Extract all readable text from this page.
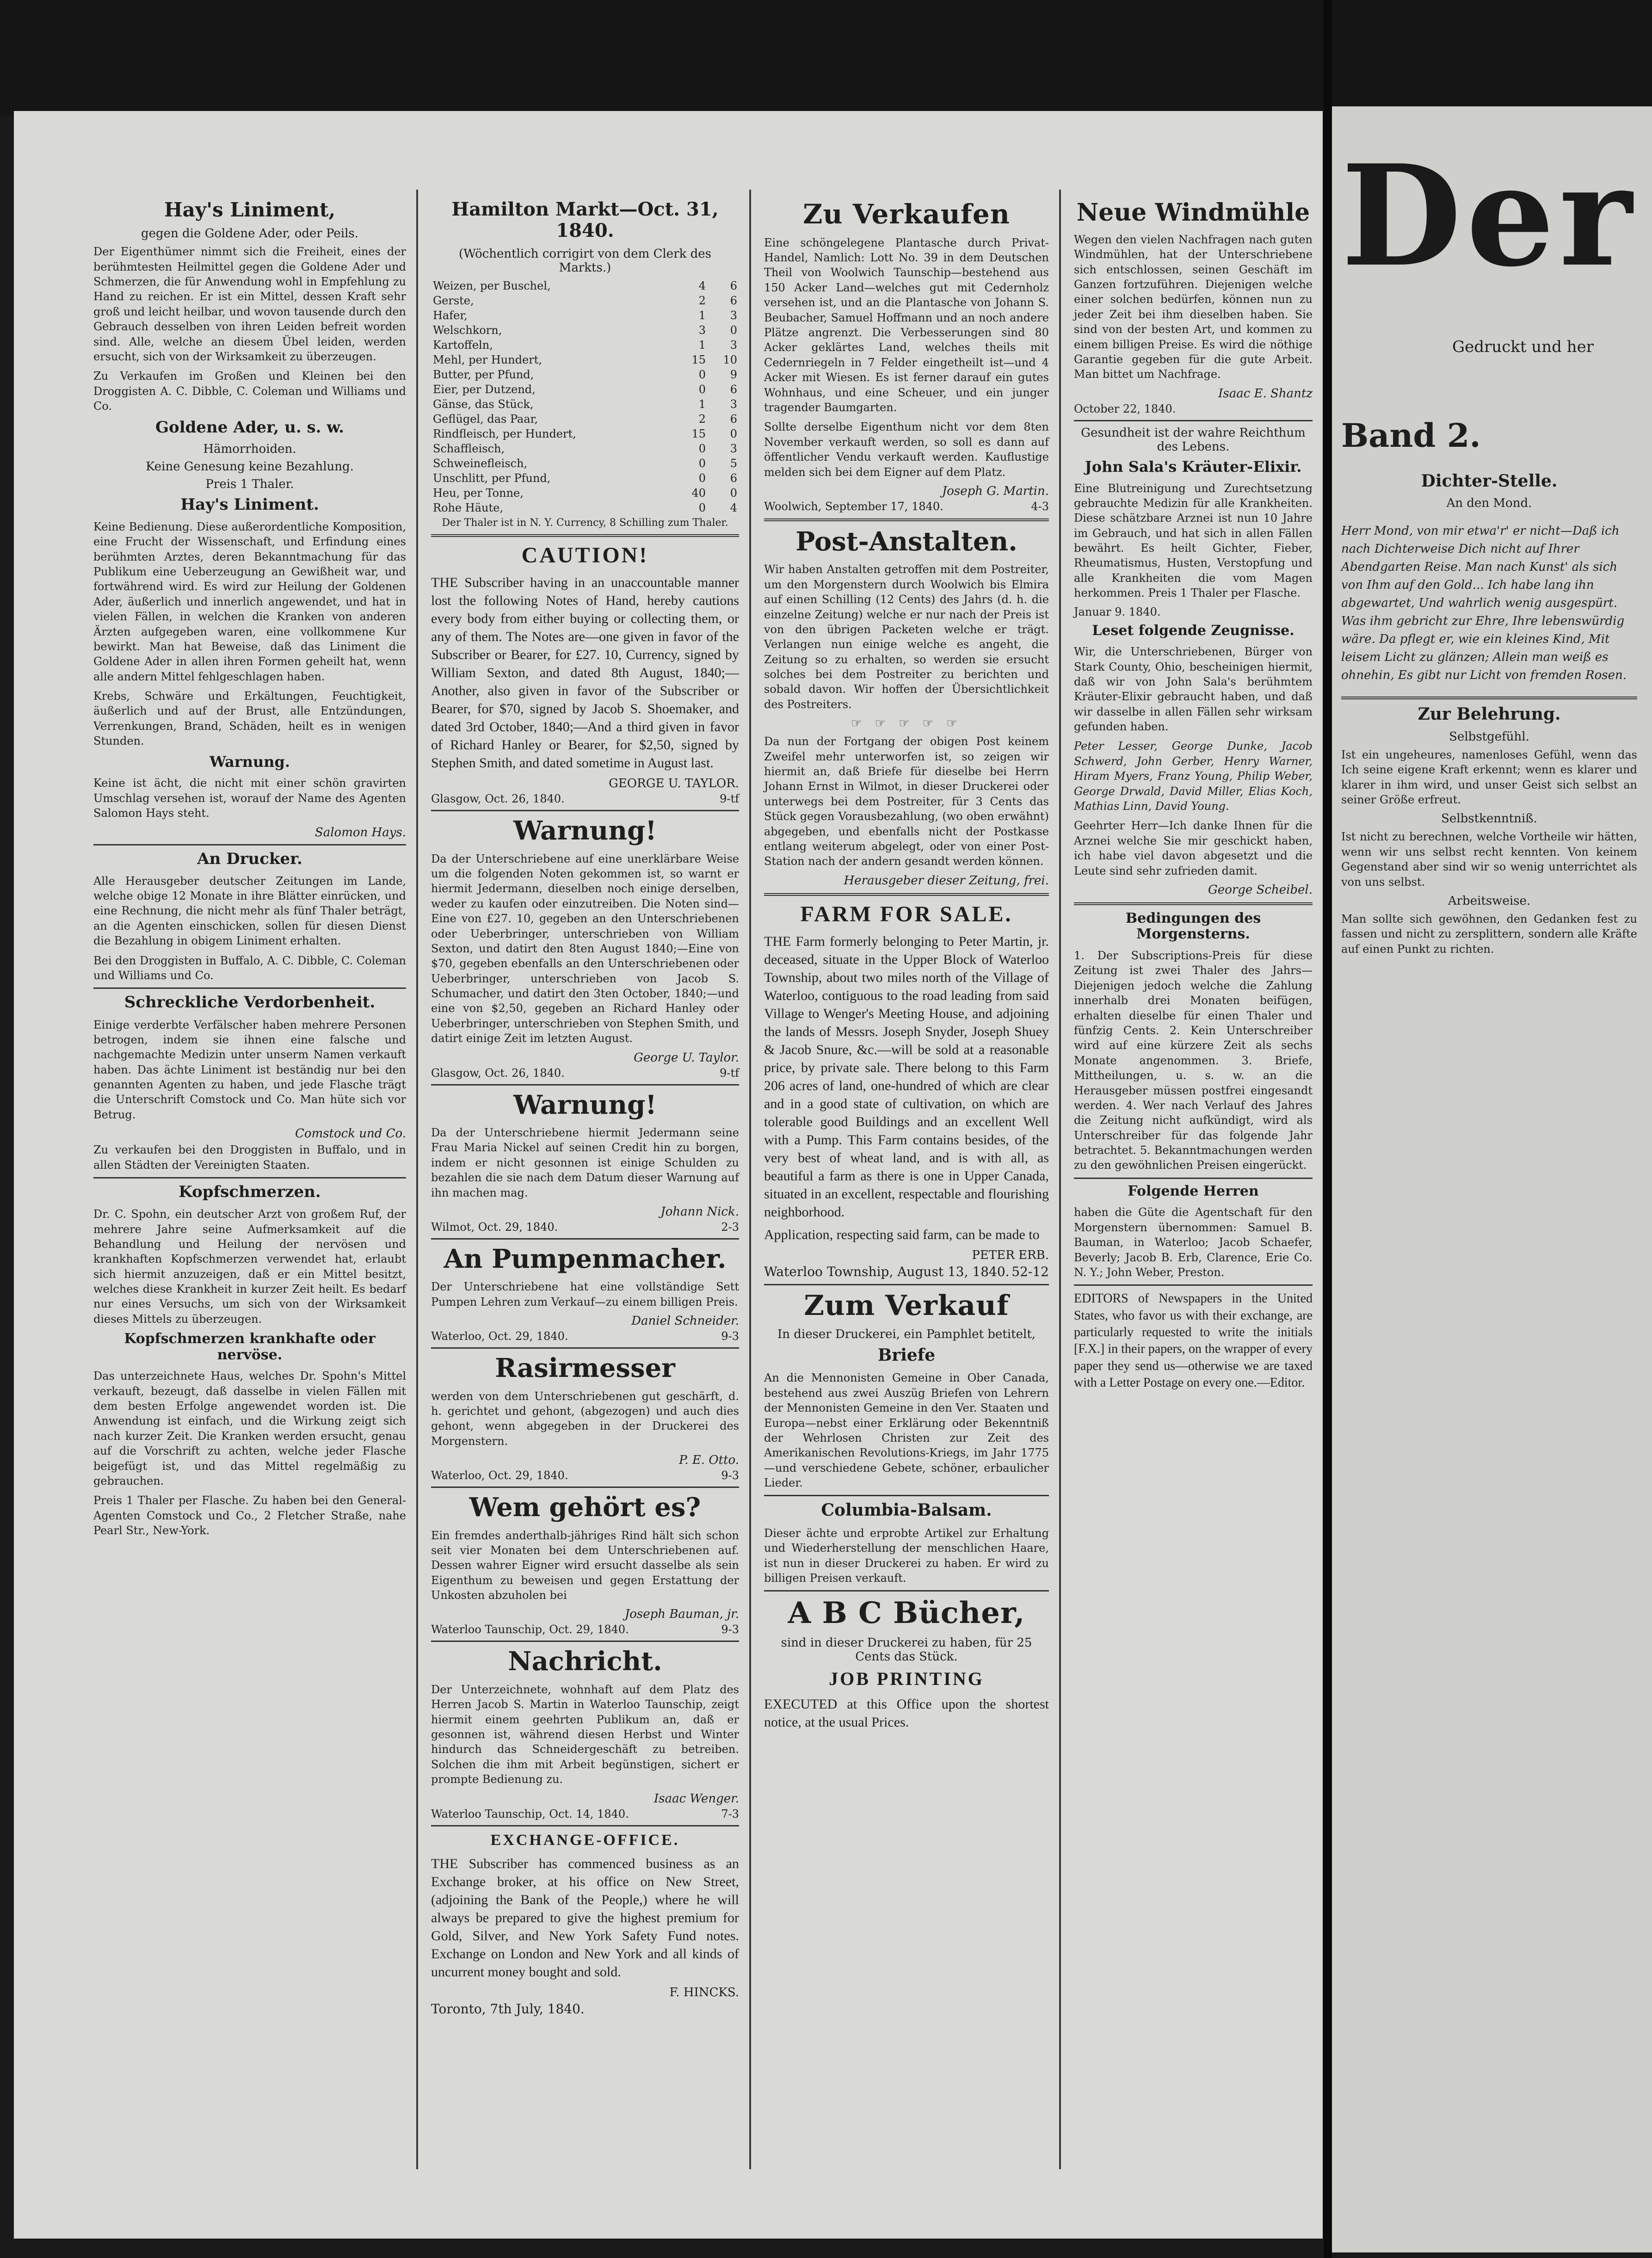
Hay's Liniment,
gegen die Goldene Ader, oder Peils.

Der Eigenthümer nimmt sich die Freiheit, eines der berühmtesten Heilmittel gegen die Goldene Ader und Schmerzen, die für Anwendung wohl in Empfehlung zu Hand zu reichen. Er ist ein Mittel, dessen Kraft sehr groß und leicht heilbar, und wovon tausende durch den Gebrauch desselben von ihren Leiden befreit worden sind. Alle, welche an diesem Übel leiden, werden ersucht, sich von der Wirksamkeit zu überzeugen.

Zu Verkaufen im Großen und Kleinen bei den Droggisten A. C. Dibble, C. Coleman und Williams und Co.

Goldene Ader, u. s. w.
Hämorrhoiden.
Keine Genesung keine Bezahlung.
Preis 1 Thaler.
Hay's Liniment.

Keine Bedienung. Diese außerordentliche Komposition, eine Frucht der Wissenschaft, und Erfindung eines berühmten Arztes, deren Bekanntmachung für das Publikum eine Ueberzeugung an Gewißheit war, und fortwährend wird. Es wird zur Heilung der Goldenen Ader, äußerlich und innerlich angewendet, und hat in vielen Fällen, in welchen die Kranken von anderen Ärzten aufgegeben waren, eine vollkommene Kur bewirkt. Man hat Beweise, daß das Liniment die Goldene Ader in allen ihren Formen geheilt hat, wenn alle andern Mittel fehlgeschlagen haben.

Krebs, Schwäre und Erkältungen, Feuchtigkeit, äußerlich und auf der Brust, alle Entzündungen, Verrenkungen, Brand, Schäden, heilt es in wenigen Stunden.

Warnung.

Keine ist ächt, die nicht mit einer schön gravirten Umschlag versehen ist, worauf der Name des Agenten Salomon Hays steht.

Salomon Hays.
An Drucker.

Alle Herausgeber deutscher Zeitungen im Lande, welche obige 12 Monate in ihre Blätter einrücken, und eine Rechnung, die nicht mehr als fünf Thaler beträgt, an die Agenten einschicken, sollen für diesen Dienst die Bezahlung in obigem Liniment erhalten.

Bei den Droggisten in Buffalo, A. C. Dibble, C. Coleman und Williams und Co.

Schreckliche Verdorbenheit.

Einige verderbte Verfälscher haben mehrere Personen betrogen, indem sie ihnen eine falsche und nachgemachte Medizin unter unserm Namen verkauft haben. Das ächte Liniment ist beständig nur bei den genannten Agenten zu haben, und jede Flasche trägt die Unterschrift Comstock und Co. Man hüte sich vor Betrug.

Comstock und Co.

Zu verkaufen bei den Droggisten in Buffalo, und in allen Städten der Vereinigten Staaten.

Kopfschmerzen.

Dr. C. Spohn, ein deutscher Arzt von großem Ruf, der mehrere Jahre seine Aufmerksamkeit auf die Behandlung und Heilung der nervösen und krankhaften Kopfschmerzen verwendet hat, erlaubt sich hiermit anzuzeigen, daß er ein Mittel besitzt, welches diese Krankheit in kurzer Zeit heilt. Es bedarf nur eines Versuchs, um sich von der Wirksamkeit dieses Mittels zu überzeugen.

Kopfschmerzen krankhafte oder nervöse.

Das unterzeichnete Haus, welches Dr. Spohn's Mittel verkauft, bezeugt, daß dasselbe in vielen Fällen mit dem besten Erfolge angewendet worden ist. Die Anwendung ist einfach, und die Wirkung zeigt sich nach kurzer Zeit. Die Kranken werden ersucht, genau auf die Vorschrift zu achten, welche jeder Flasche beigefügt ist, und das Mittel regelmäßig zu gebrauchen.

Preis 1 Thaler per Flasche. Zu haben bei den General-Agenten Comstock und Co., 2 Fletcher Straße, nahe Pearl Str., New-York.

Hamilton Markt—Oct. 31, 1840.
(Wöchentlich corrigirt von dem Clerk des Markts.)
Weizen, per Buschel,	4	6
Gerste,	2	6
Hafer,	1	3
Welschkorn,	3	0
Kartoffeln,	1	3
Mehl, per Hundert,	15	10
Butter, per Pfund,	0	9
Eier, per Dutzend,	0	6
Gänse, das Stück,	1	3
Geflügel, das Paar,	2	6
Rindfleisch, per Hundert,	15	0
Schaffleisch,	0	3
Schweinefleisch,	0	5
Unschlitt, per Pfund,	0	6
Heu, per Tonne,	40	0
Rohe Häute,	0	4
Der Thaler ist in N. Y. Currency, 8 Schilling zum Thaler.
CAUTION!

THE Subscriber having in an unaccountable manner lost the following Notes of Hand, hereby cautions every body from either buying or collecting them, or any of them. The Notes are—one given in favor of the Subscriber or Bearer, for £27. 10, Currency, signed by William Sexton, and dated 8th August, 1840;—Another, also given in favor of the Subscriber or Bearer, for $70, signed by Jacob S. Shoemaker, and dated 3rd October, 1840;—And a third given in favor of Richard Hanley or Bearer, for $2,50, signed by Stephen Smith, and dated sometime in August last.

GEORGE U. TAYLOR.
Glasgow, Oct. 26, 1840.	9-tf
Warnung!

Da der Unterschriebene auf eine unerklärbare Weise um die folgenden Noten gekommen ist, so warnt er hiermit Jedermann, dieselben noch einige derselben, weder zu kaufen oder einzutreiben. Die Noten sind—Eine von £27. 10, gegeben an den Unterschriebenen oder Ueberbringer, unterschrieben von William Sexton, und datirt den 8ten August 1840;—Eine von $70, gegeben ebenfalls an den Unterschriebenen oder Ueberbringer, unterschrieben von Jacob S. Schumacher, und datirt den 3ten October, 1840;—und eine von $2,50, gegeben an Richard Hanley oder Ueberbringer, unterschrieben von Stephen Smith, und datirt einige Zeit im letzten August.

George U. Taylor.
Glasgow, Oct. 26, 1840.	9-tf
Warnung!

Da der Unterschriebene hiermit Jedermann seine Frau Maria Nickel auf seinen Credit hin zu borgen, indem er nicht gesonnen ist einige Schulden zu bezahlen die sie nach dem Datum dieser Warnung auf ihn machen mag.

Johann Nick.
Wilmot, Oct. 29, 1840.	2-3
An Pumpenmacher.

Der Unterschriebene hat eine vollständige Sett Pumpen Lehren zum Verkauf—zu einem billigen Preis.

Daniel Schneider.
Waterloo, Oct. 29, 1840.	9-3
Rasirmesser

werden von dem Unterschriebenen gut geschärft, d. h. gerichtet und gehont, (abgezogen) und auch dies gehont, wenn abgegeben in der Druckerei des Morgenstern.

P. E. Otto.
Waterloo, Oct. 29, 1840.	9-3
Wem gehört es?

Ein fremdes anderthalb-jähriges Rind hält sich schon seit vier Monaten bei dem Unterschriebenen auf. Dessen wahrer Eigner wird ersucht dasselbe als sein Eigenthum zu beweisen und gegen Erstattung der Unkosten abzuholen bei

Joseph Bauman, jr.
Waterloo Taunschip, Oct. 29, 1840.	9-3
Nachricht.

Der Unterzeichnete, wohnhaft auf dem Platz des Herren Jacob S. Martin in Waterloo Taunschip, zeigt hiermit einem geehrten Publikum an, daß er gesonnen ist, während diesen Herbst und Winter hindurch das Schneidergeschäft zu betreiben. Solchen die ihm mit Arbeit begünstigen, sichert er prompte Bedienung zu.

Isaac Wenger.
Waterloo Taunschip, Oct. 14, 1840.	7-3
EXCHANGE-OFFICE.

THE Subscriber has commenced business as an Exchange broker, at his office on New Street, (adjoining the Bank of the People,) where he will always be prepared to give the highest premium for Gold, Silver, and New York Safety Fund notes. Exchange on London and New York and all kinds of uncurrent money bought and sold.

F. HINCKS.
Toronto, 7th July, 1840.
Zu Verkaufen

Eine schöngelegene Plantasche durch Privat-Handel, Namlich: Lott No. 39 in dem Deutschen Theil von Woolwich Taunschip—bestehend aus 150 Acker Land—welches gut mit Cedernholz versehen ist, und an die Plantasche von Johann S. Beubacher, Samuel Hoffmann und an noch andere Plätze angrenzt. Die Verbesserungen sind 80 Acker geklärtes Land, welches theils mit Cedernriegeln in 7 Felder eingetheilt ist—und 4 Acker mit Wiesen. Es ist ferner darauf ein gutes Wohnhaus, und eine Scheuer, und ein junger tragender Baumgarten.

Sollte derselbe Eigenthum nicht vor dem 8ten November verkauft werden, so soll es dann auf öffentlicher Vendu verkauft werden. Kauflustige melden sich bei dem Eigner auf dem Platz.

Joseph G. Martin.
Woolwich, September 17, 1840.	4-3
Post-Anstalten.

Wir haben Anstalten getroffen mit dem Postreiter, um den Morgenstern durch Woolwich bis Elmira auf einen Schilling (12 Cents) des Jahrs (d. h. die einzelne Zeitung) welche er nur nach der Preis ist von den übrigen Packeten welche er trägt. Verlangen nun einige welche es angeht, die Zeitung so zu erhalten, so werden sie ersucht solches bei dem Postreiter zu berichten und sobald davon. Wir hoffen der Übersichtlichkeit des Postreiters.

☞ ☞ ☞ ☞ ☞

Da nun der Fortgang der obigen Post keinem Zweifel mehr unterworfen ist, so zeigen wir hiermit an, daß Briefe für dieselbe bei Herrn Johann Ernst in Wilmot, in dieser Druckerei oder unterwegs bei dem Postreiter, für 3 Cents das Stück gegen Vorausbezahlung, (wo oben erwähnt) abgegeben, und ebenfalls nicht der Postkasse entlang weiterum abgelegt, oder von einer Post-Station nach der andern gesandt werden können.

Herausgeber dieser Zeitung, frei.
FARM FOR SALE.

THE Farm formerly belonging to Peter Martin, jr. deceased, situate in the Upper Block of Waterloo Township, about two miles north of the Village of Waterloo, contiguous to the road leading from said Village to Wenger's Meeting House, and adjoining the lands of Messrs. Joseph Snyder, Joseph Shuey & Jacob Snure, &c.—will be sold at a reasonable price, by private sale. There belong to this Farm 206 acres of land, one-hundred of which are clear and in a good state of cultivation, on which are tolerable good Buildings and an excellent Well with a Pump. This Farm contains besides, of the very best of wheat land, and is with all, as beautiful a farm as there is one in Upper Canada, situated in an excellent, respectable and flourishing neighborhood.

Application, respecting said farm, can be made to

PETER ERB.
Waterloo Township, August 13, 1840. 52-12
Zum Verkauf
In dieser Druckerei, ein Pamphlet betitelt,
Briefe

An die Mennonisten Gemeine in Ober Canada, bestehend aus zwei Auszüg Briefen von Lehrern der Mennonisten Gemeine in den Ver. Staaten und Europa—nebst einer Erklärung oder Bekenntniß der Wehrlosen Christen zur Zeit des Amerikanischen Revolutions-Kriegs, im Jahr 1775—und verschiedene Gebete, schöner, erbaulicher Lieder.

Columbia-Balsam.

Dieser ächte und erprobte Artikel zur Erhaltung und Wiederherstellung der menschlichen Haare, ist nun in dieser Druckerei zu haben. Er wird zu billigen Preisen verkauft.

A B C Bücher,
sind in dieser Druckerei zu haben, für 25 Cents das Stück.
JOB PRINTING

EXECUTED at this Office upon the shortest notice, at the usual Prices.

Neue Windmühle

Wegen den vielen Nachfragen nach guten Windmühlen, hat der Unterschriebene sich entschlossen, seinen Geschäft im Ganzen fortzuführen. Diejenigen welche einer solchen bedürfen, können nun zu jeder Zeit bei ihm dieselben haben. Sie sind von der besten Art, und kommen zu einem billigen Preise. Es wird die nöthige Garantie gegeben für die gute Arbeit. Man bittet um Nachfrage.

Isaac E. Shantz
October 22, 1840.
Gesundheit ist der wahre Reichthum des Lebens.
John Sala's Kräuter-Elixir.

Eine Blutreinigung und Zurechtsetzung gebrauchte Medizin für alle Krankheiten. Diese schätzbare Arznei ist nun 10 Jahre im Gebrauch, und hat sich in allen Fällen bewährt. Es heilt Gichter, Fieber, Rheumatismus, Husten, Verstopfung und alle Krankheiten die vom Magen herkommen. Preis 1 Thaler per Flasche.

Januar 9. 1840.
Leset folgende Zeugnisse.

Wir, die Unterschriebenen, Bürger von Stark County, Ohio, bescheinigen hiermit, daß wir von John Sala's berühmtem Kräuter-Elixir gebraucht haben, und daß wir dasselbe in allen Fällen sehr wirksam gefunden haben.

Peter Lesser, George Dunke, Jacob Schwerd, John Gerber, Henry Warner, Hiram Myers, Franz Young, Philip Weber, George Drwald, David Miller, Elias Koch, Mathias Linn, David Young.

Geehrter Herr—Ich danke Ihnen für die Arznei welche Sie mir geschickt haben, ich habe viel davon abgesetzt und die Leute sind sehr zufrieden damit.

George Scheibel.
Bedingungen des Morgensterns.

1. Der Subscriptions-Preis für diese Zeitung ist zwei Thaler des Jahrs—Diejenigen jedoch welche die Zahlung innerhalb drei Monaten beifügen, erhalten dieselbe für einen Thaler und fünfzig Cents. 2. Kein Unterschreiber wird auf eine kürzere Zeit als sechs Monate angenommen. 3. Briefe, Mittheilungen, u. s. w. an die Herausgeber müssen postfrei eingesandt werden. 4. Wer nach Verlauf des Jahres die Zeitung nicht aufkündigt, wird als Unterschreiber für das folgende Jahr betrachtet. 5. Bekanntmachungen werden zu den gewöhnlichen Preisen eingerückt.

Folgende Herren

haben die Güte die Agentschaft für den Morgenstern übernommen: Samuel B. Bauman, in Waterloo; Jacob Schaefer, Beverly; Jacob B. Erb, Clarence, Erie Co. N. Y.; John Weber, Preston.

EDITORS of Newspapers in the United States, who favor us with their exchange, are particularly requested to write the initials [F.X.] in their papers, on the wrapper of every paper they send us—otherwise we are taxed with a Letter Postage on every one.—Editor.

Der
Gedruckt und her
Band 2.
Dichter-Stelle.
An den Mond.

Herr Mond, von mir etwa'r' er nicht—Daß ich nach Dichterweise Dich nicht auf Ihrer Abendgarten Reise. Man nach Kunst' als sich von Ihm auf den Gold... Ich habe lang ihn abgewartet, Und wahrlich wenig ausgespürt. Was ihm gebricht zur Ehre, Ihre lebenswürdig wäre. Da pflegt er, wie ein kleines Kind, Mit leisem Licht zu glänzen; Allein man weiß es ohnehin, Es gibt nur Licht von fremden Rosen.

Zur Belehrung.
Selbstgefühl.

Ist ein ungeheures, namenloses Gefühl, wenn das Ich seine eigene Kraft erkennt; wenn es klarer und klarer in ihm wird, und unser Geist sich selbst an seiner Größe erfreut.

Selbstkenntniß.

Ist nicht zu berechnen, welche Vortheile wir hätten, wenn wir uns selbst recht kennten. Von keinem Gegenstand aber sind wir so wenig unterrichtet als von uns selbst.

Arbeitsweise.

Man sollte sich gewöhnen, den Gedanken fest zu fassen und nicht zu zersplittern, sondern alle Kräfte auf einen Punkt zu richten.
